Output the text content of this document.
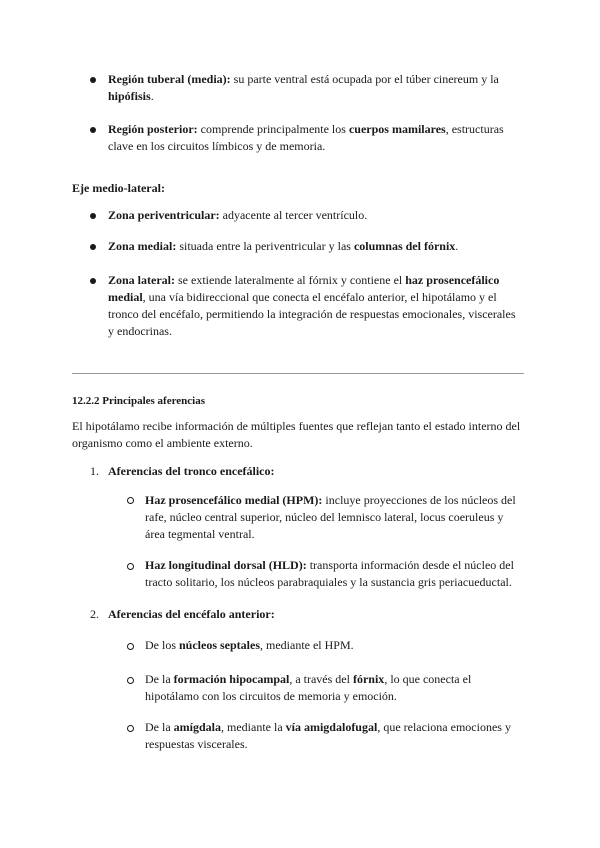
Región tuberal (media): su parte ventral está ocupada por el túber cinereum y la hipófisis.
Región posterior: comprende principalmente los cuerpos mamilares, estructuras clave en los circuitos límbicos y de memoria.
Eje medio-lateral:
Zona periventricular: adyacente al tercer ventrículo.
Zona medial: situada entre la periventricular y las columnas del fórnix.
Zona lateral: se extiende lateralmente al fórnix y contiene el haz prosencefálico medial, una vía bidireccional que conecta el encéfalo anterior, el hipotálamo y el tronco del encéfalo, permitiendo la integración de respuestas emocionales, viscerales y endocrinas.
12.2.2 Principales aferencias
El hipotálamo recibe información de múltiples fuentes que reflejan tanto el estado interno del organismo como el ambiente externo.
1. Aferencias del tronco encefálico:
Haz prosencefálico medial (HPM): incluye proyecciones de los núcleos del rafe, núcleo central superior, núcleo del lemnisco lateral, locus coeruleus y área tegmental ventral.
Haz longitudinal dorsal (HLD): transporta información desde el núcleo del tracto solitario, los núcleos parabraquiales y la sustancia gris periacueductal.
2. Aferencias del encéfalo anterior:
De los núcleos septales, mediante el HPM.
De la formación hipocampal, a través del fórnix, lo que conecta el hipotálamo con los circuitos de memoria y emoción.
De la amígdala, mediante la vía amigdalofugal, que relaciona emociones y respuestas viscerales.
